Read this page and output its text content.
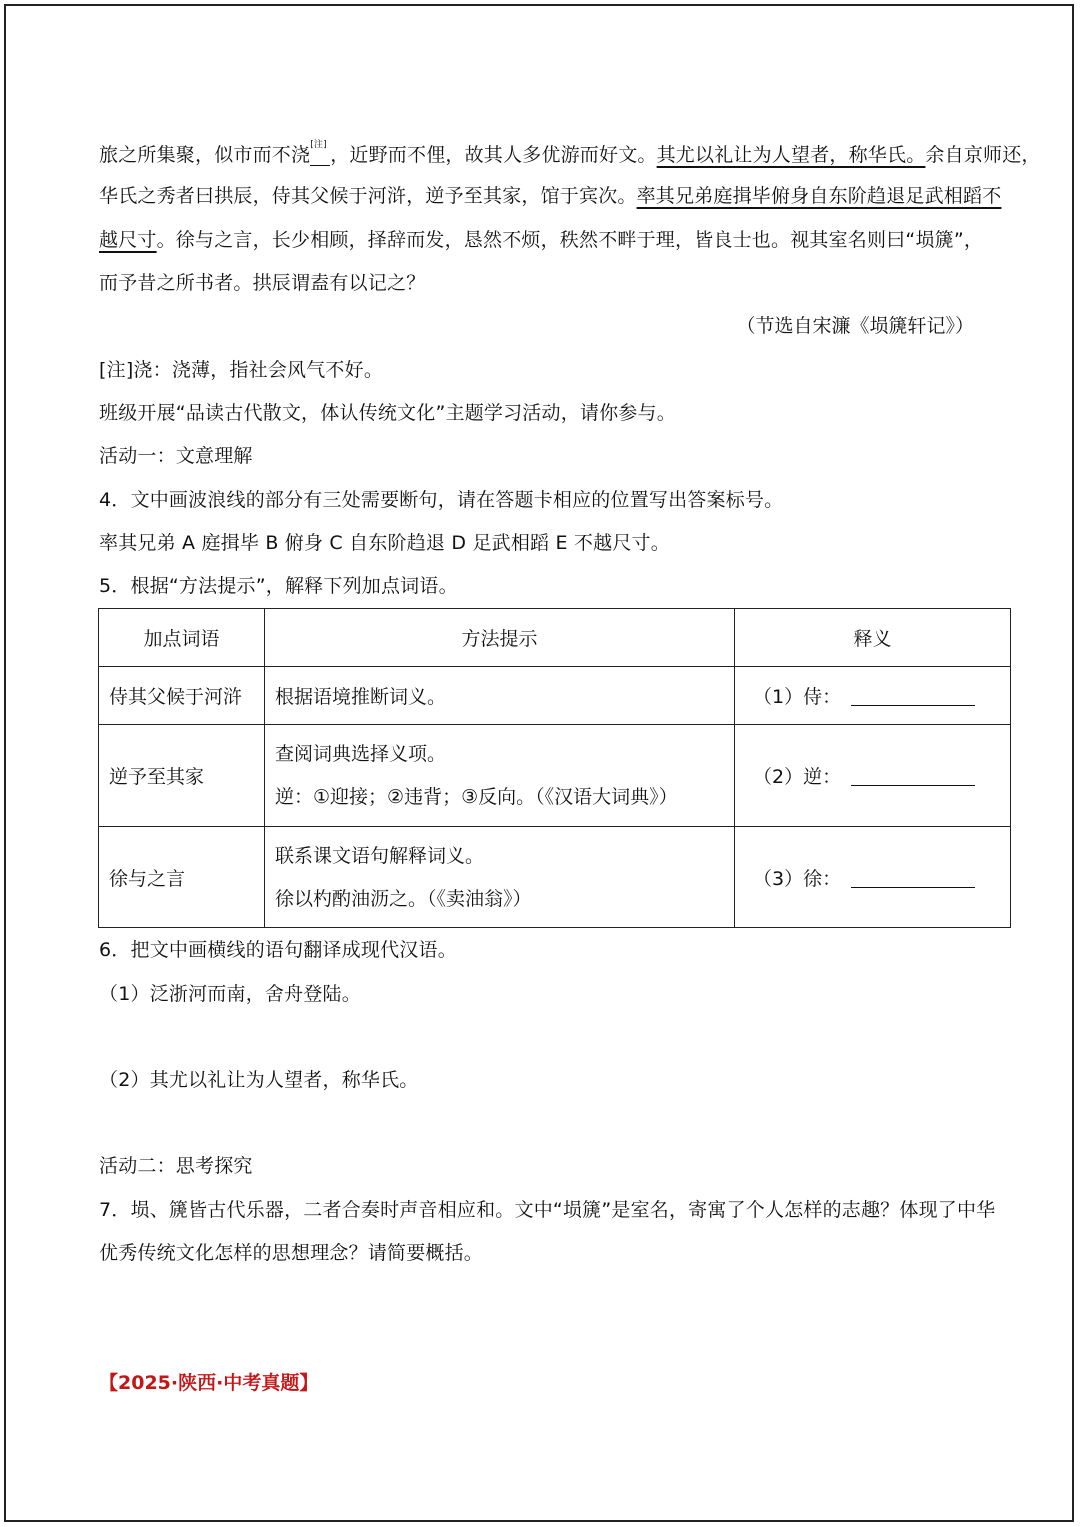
旅之所集聚，似市而不浇[注] ，近野而不俚，故其人多优游而好文。其尤以礼让为人望者，称华氏。余自京师还，
华氏之秀者曰拱辰，侍其父候于河浒，逆予至其家，馆于宾次。率其兄弟庭揖毕俯身自东阶趋退足武相蹈不
越尺寸。徐与之言，长少相顾，择辞而发，恳然不烦，秩然不畔于理，皆良士也。视其室名则曰“埙篪”，
而予昔之所书者。拱辰谓盍有以记之？
（节选自宋濂《埙篪轩记》）
[注]浇：浇薄，指社会风气不好。
班级开展“品读古代散文，体认传统文化”主题学习活动，请你参与。
活动一：文意理解
4．文中画波浪线的部分有三处需要断句，请在答题卡相应的位置写出答案标号。
率其兄弟 A 庭揖毕 B 俯身 C 自东阶趋退 D 足武相蹈 E 不越尺寸。
5．根据“方法提示”，解释下列加点词语。
加点词语	方法提示	释义
侍其父候于河浒	根据语境推断词义。	（1）侍：
逆予至其家	查阅词典选择义项。
逆：①迎接；②违背；③反向。（《汉语大词典》）	（2）逆：
徐与之言	联系课文语句解释词义。
徐以杓酌油沥之。（《卖油翁》）	（3）徐：
6．把文中画横线的语句翻译成现代汉语。
（1）泛浙河而南，舍舟登陆。
（2）其尤以礼让为人望者，称华氏。
活动二：思考探究
7．埙、篪皆古代乐器，二者合奏时声音相应和。文中“埙篪”是室名，寄寓了个人怎样的志趣？体现了中华
优秀传统文化怎样的思想理念？请简要概括。
【2025·陕西·中考真题】
